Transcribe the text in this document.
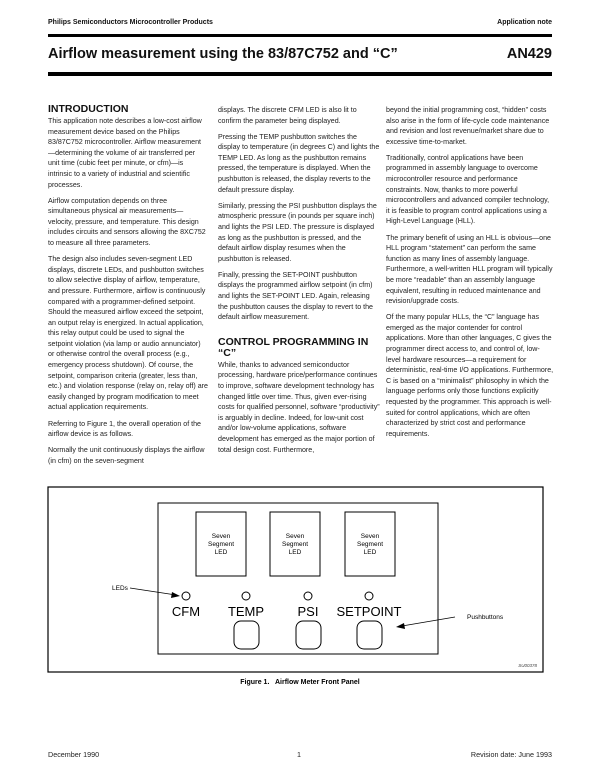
Philips Semiconductors Microcontroller Products	Application note
Airflow measurement using the 83/87C752 and “C”	AN429
INTRODUCTION

This application note describes a low-cost airflow measurement device based on the Philips 83/87C752 microcontroller. Airflow measurement—determining the volume of air transferred per unit time (cubic feet per minute, or cfm)—is intrinsic to a variety of industrial and scientific processes.

Airflow computation depends on three simultaneous physical air measurements—velocity, pressure, and temperature. This design includes circuits and sensors allowing the 8XC752 to measure all three parameters.

The design also includes seven-segment LED displays, discrete LEDs, and pushbutton switches to allow selective display of airflow, temperature, and pressure. Furthermore, airflow is continuously compared with a programmer-defined setpoint. Should the measured airflow exceed the setpoint, an output relay is energized. In actual application, this relay output could be used to signal the setpoint violation (via lamp or audio annunciator) or otherwise control the overall process (e.g., emergency process shutdown). Of course, the setpoint, comparison criteria (greater, less than, etc.) and violation response (relay on, relay off) are easily changed by program modification to meet actual application requirements.

Referring to Figure 1, the overall operation of the airflow device is as follows.

Normally the unit continuously displays the airflow (in cfm) on the seven-segment

displays. The discrete CFM LED is also lit to confirm the parameter being displayed.

Pressing the TEMP pushbutton switches the display to temperature (in degrees C) and lights the TEMP LED. As long as the pushbutton remains pressed, the temperature is displayed. When the pushbutton is released, the display reverts to the default pressure display.

Similarly, pressing the PSI pushbutton displays the atmospheric pressure (in pounds per square inch) and lights the PSI LED. The pressure is displayed as long as the pushbutton is pressed, and the default airflow display resumes when the pushbutton is released.

Finally, pressing the SET-POINT pushbutton displays the programmed airflow setpoint (in cfm) and lights the SET-POINT LED. Again, releasing the pushbutton causes the display to revert to the default airflow measurement.

CONTROL PROGRAMMING IN “C”

While, thanks to advanced semiconductor processing, hardware price/performance continues to improve, software development technology has changed little over time. Thus, given ever-rising costs for qualified personnel, software “productivity” is arguably in decline. Indeed, for low-unit cost and/or low-volume applications, software development has emerged as the major portion of total design cost. Furthermore,

beyond the initial programming cost, “hidden” costs also arise in the form of life-cycle code maintenance and revision and lost revenue/market share due to excessive time-to-market.

Traditionally, control applications have been programmed in assembly language to overcome microcontroller resource and performance constraints. Now, thanks to more powerful microcontrollers and advanced compiler technology, it is feasible to program control applications using a High-Level Language (HLL).

The primary benefit of using an HLL is obvious—one HLL program “statement” can perform the same function as many lines of assembly language. Furthermore, a well-written HLL program will typically be more “readable” than an assembly language equivalent, resulting in reduced maintenance and revision/upgrade costs.

Of the many popular HLLs, the “C” language has emerged as the major contender for control applications. More than other languages, C gives the programmer direct access to, and control of, low-level hardware resources—a requirement for deterministic, real-time I/O applications. Furthermore, C is based on a “minimalist” philosophy in which the language performs only those functions explicitly requested by the programmer. This approach is well-suited for control applications, which are often characterized by strict cost and performance requirements.

Seven
Segment
LED
Seven
Segment
LED
Seven
Segment
LED
LEDs
CFM TEMP	PSI SETPOINT	Pushbuttons
SU00378
Figure 1.   Airflow Meter Front Panel
December 1990	1	Revision date: June 1993
